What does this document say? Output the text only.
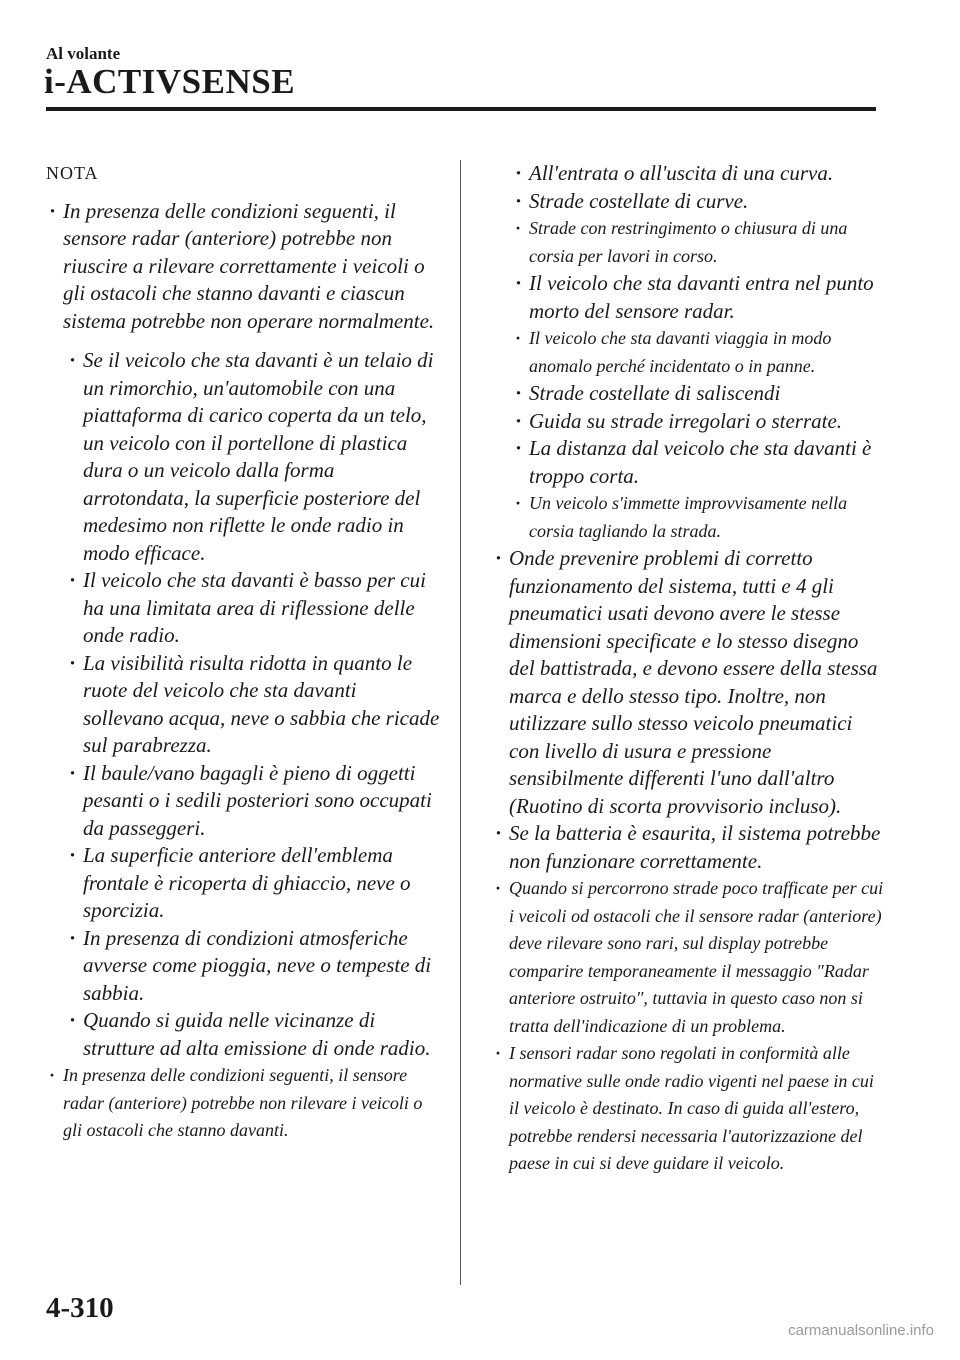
Al volante
i-ACTIVSENSE
NOTA
· In presenza delle condizioni seguenti, il sensore radar (anteriore) potrebbe non riuscire a rilevare correttamente i veicoli o gli ostacoli che stanno davanti e ciascun sistema potrebbe non operare normalmente.
· Se il veicolo che sta davanti è un telaio di un rimorchio, un'automobile con una piattaforma di carico coperta da un telo, un veicolo con il portellone di plastica dura o un veicolo dalla forma arrotondata, la superficie posteriore del medesimo non riflette le onde radio in modo efficace.
· Il veicolo che sta davanti è basso per cui ha una limitata area di riflessione delle onde radio.
· La visibilità risulta ridotta in quanto le ruote del veicolo che sta davanti sollevano acqua, neve o sabbia che ricade sul parabrezza.
· Il baule/vano bagagli è pieno di oggetti pesanti o i sedili posteriori sono occupati da passeggeri.
· La superficie anteriore dell'emblema frontale è ricoperta di ghiaccio, neve o sporcizia.
· In presenza di condizioni atmosferiche avverse come pioggia, neve o tempeste di sabbia.
· Quando si guida nelle vicinanze di strutture ad alta emissione di onde radio.
· In presenza delle condizioni seguenti, il sensore radar (anteriore) potrebbe non rilevare i veicoli o gli ostacoli che stanno davanti.
· All'entrata o all'uscita di una curva.
· Strade costellate di curve.
· Strade con restringimento o chiusura di una corsia per lavori in corso.
· Il veicolo che sta davanti entra nel punto morto del sensore radar.
· Il veicolo che sta davanti viaggia in modo anomalo perché incidentato o in panne.
· Strade costellate di saliscendi
· Guida su strade irregolari o sterrate.
· La distanza dal veicolo che sta davanti è troppo corta.
· Un veicolo s'immette improvvisamente nella corsia tagliando la strada.
· Onde prevenire problemi di corretto funzionamento del sistema, tutti e 4 gli pneumatici usati devono avere le stesse dimensioni specificate e lo stesso disegno del battistrada, e devono essere della stessa marca e dello stesso tipo. Inoltre, non utilizzare sullo stesso veicolo pneumatici con livello di usura e pressione sensibilmente differenti l'uno dall'altro (Ruotino di scorta provvisorio incluso).
· Se la batteria è esaurita, il sistema potrebbe non funzionare correttamente.
· Quando si percorrono strade poco trafficate per cui i veicoli od ostacoli che il sensore radar (anteriore) deve rilevare sono rari, sul display potrebbe comparire temporaneamente il messaggio "Radar anteriore ostruito", tuttavia in questo caso non si tratta dell'indicazione di un problema.
· I sensori radar sono regolati in conformità alle normative sulle onde radio vigenti nel paese in cui il veicolo è destinato. In caso di guida all'estero, potrebbe rendersi necessaria l'autorizzazione del paese in cui si deve guidare il veicolo.
4-310
carmanualsonline.info
